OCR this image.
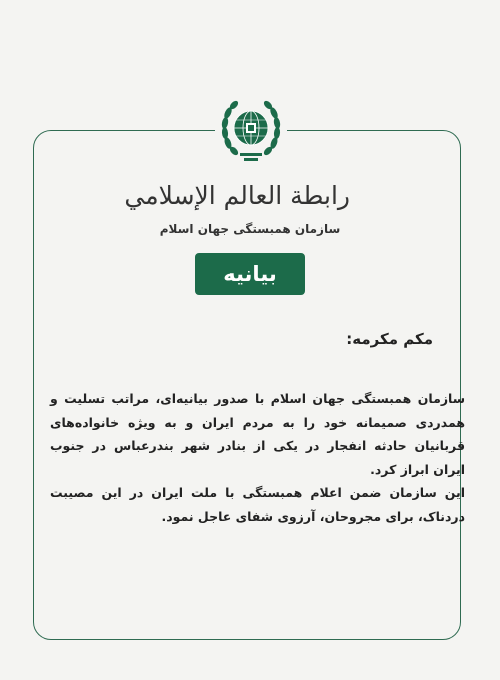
رابطة العالم الإسلامي
سازمان همبستگی جهان اسلام
بیانیه
مکم مکرمه:

سازمان همبستگی جهان اسلام با صدور بیانیه‌ای، مراتب تسلیت و همدردی صمیمانه خود را به مردم ایران و به ویژه خانواده‌های قربانیان حادثه انفجار در یکی از بنادر شهر بندرعباس در جنوب ایران ابراز کرد.

این سازمان ضمن اعلام همبستگی با ملت ایران در این مصیبت دردناک، برای مجروحان، آرزوی شفای عاجل نمود.
